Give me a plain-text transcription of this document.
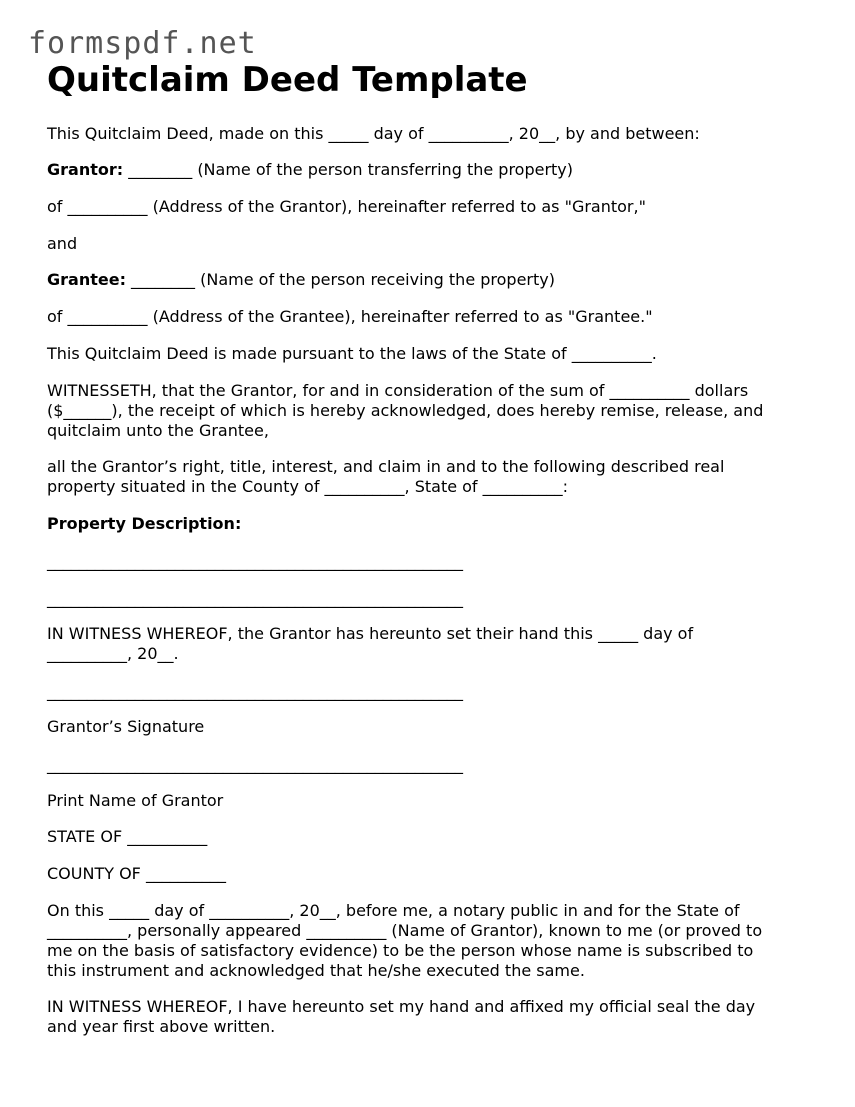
formspdf.net
Quitclaim Deed Template
This Quitclaim Deed, made on this _____ day of __________, 20__, by and between:
Grantor: ________ (Name of the person transferring the property)
of __________ (Address of the Grantor), hereinafter referred to as "Grantor,"
and
Grantee: ________ (Name of the person receiving the property)
of __________ (Address of the Grantee), hereinafter referred to as "Grantee."
This Quitclaim Deed is made pursuant to the laws of the State of __________.
WITNESSETH, that the Grantor, for and in consideration of the sum of __________ dollars
($______), the receipt of which is hereby acknowledged, does hereby remise, release, and
quitclaim unto the Grantee,
all the Grantor’s right, title, interest, and claim in and to the following described real
property situated in the County of __________, State of __________:
Property Description:
____________________________________________________
____________________________________________________
IN WITNESS WHEREOF, the Grantor has hereunto set their hand this _____ day of
__________, 20__.
____________________________________________________
Grantor’s Signature
____________________________________________________
Print Name of Grantor
STATE OF __________
COUNTY OF __________
On this _____ day of __________, 20__, before me, a notary public in and for the State of
__________, personally appeared __________ (Name of Grantor), known to me (or proved to
me on the basis of satisfactory evidence) to be the person whose name is subscribed to
this instrument and acknowledged that he/she executed the same.
IN WITNESS WHEREOF, I have hereunto set my hand and affixed my official seal the day
and year first above written.
